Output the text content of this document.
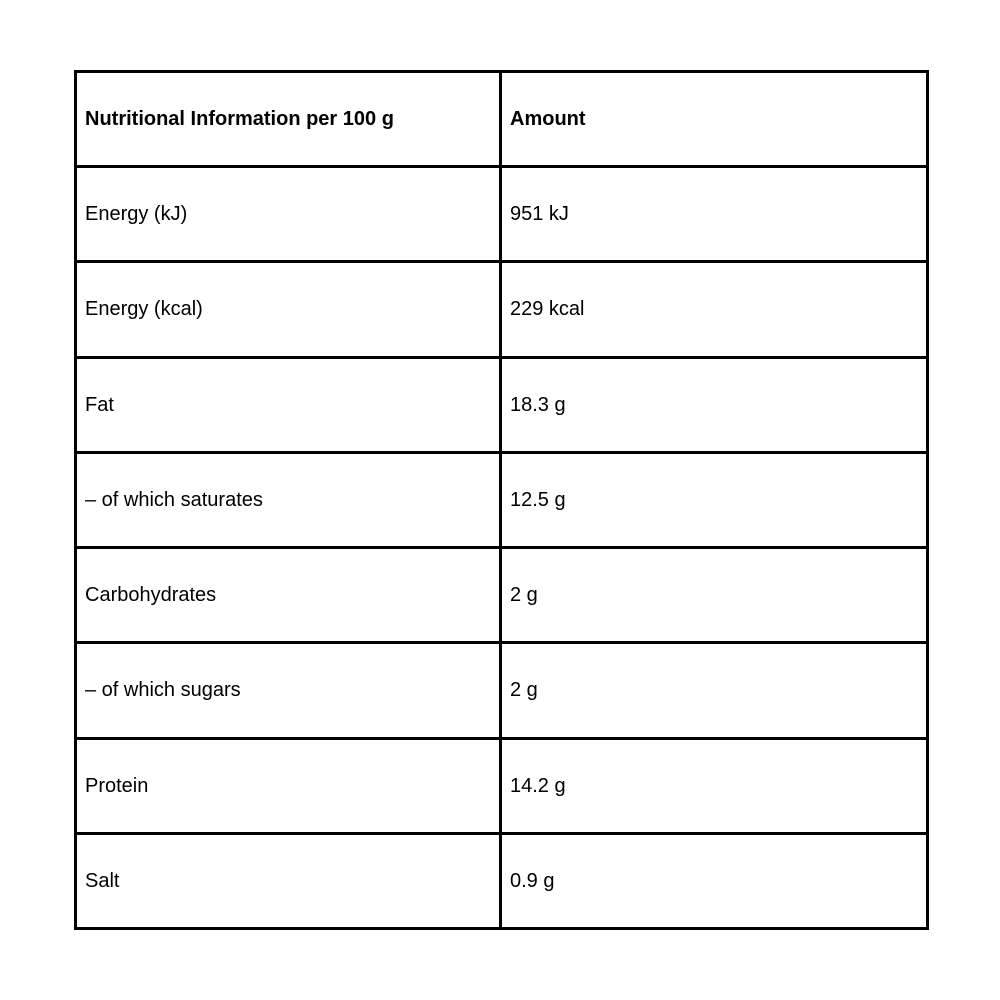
Nutritional Information per 100 g	Amount
Energy (kJ)	951 kJ
Energy (kcal)	229 kcal
Fat	18.3 g
– of which saturates	12.5 g
Carbohydrates	2 g
– of which sugars	2 g
Protein	14.2 g
Salt	0.9 g
